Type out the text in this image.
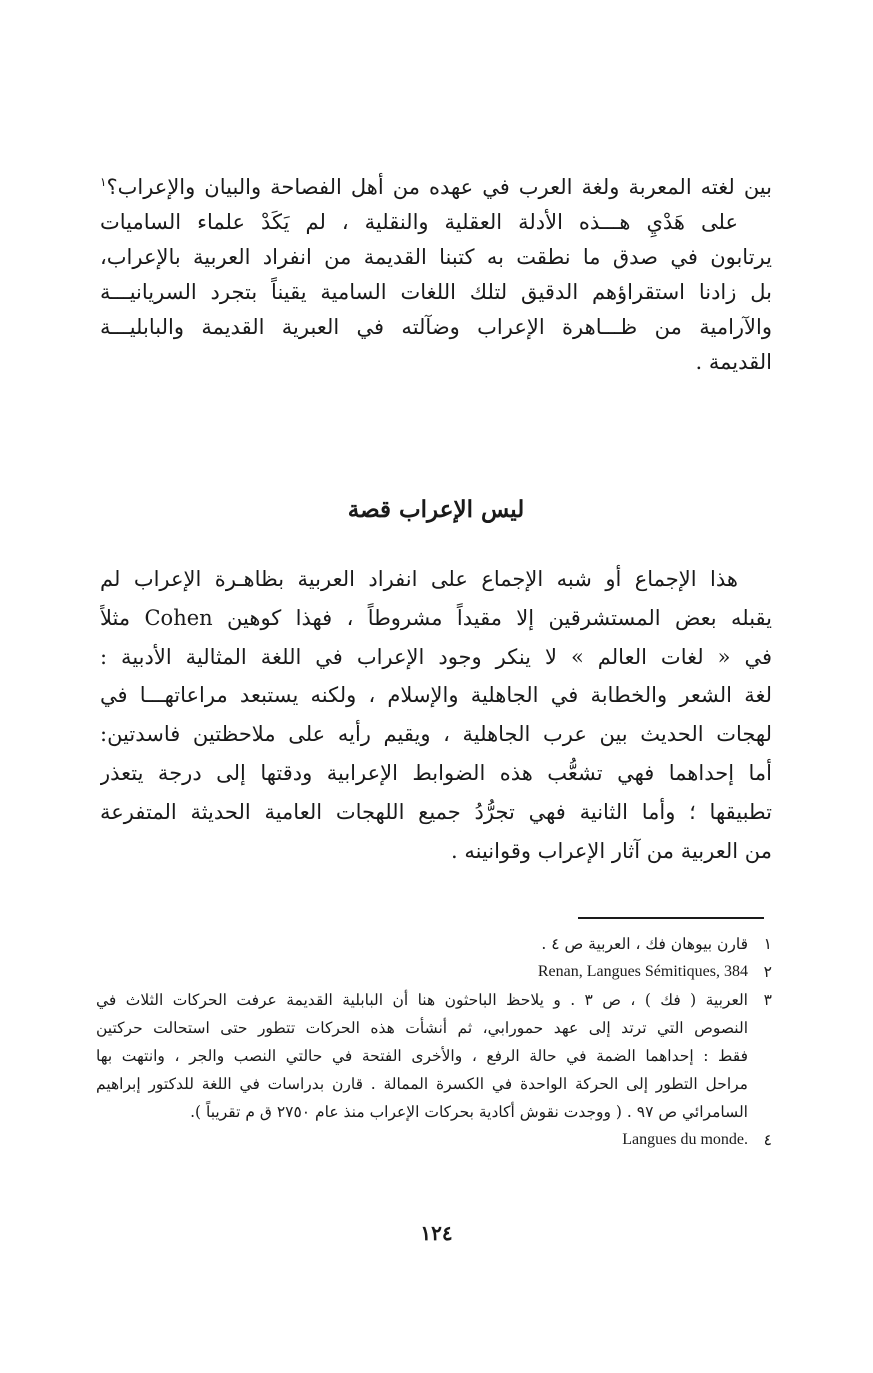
بين لغته المعربة ولغة العرب في عهده من أهل الفصاحة والبيان والإعراب؟$^١$
على هَدْيِ هـــذه الأدلة العقلية والنقلية ، لم يَكَدْ علماء الساميات
يرتابون في صدق ما نطقت به كتبنا القديمة من انفراد العربية بالإعراب،
بل زادنا استقراؤهم الدقيق لتلك اللغات السامية يقيناً بتجرد السريانيـــة
والآرامية من ظـــاهرة الإعراب وضآلته في العبرية القديمة والبابليـــة
القديمة .
ليس الإعراب قصة
هذا الإجماع أو شبه الإجماع على انفراد العربية بظاهـرة الإعراب لم
يقبله بعض المستشرقين إلا مقيداً مشروطاً ، فهذا كوهين Cohen مثلاً
في « لغات العالم » لا ينكر وجود الإعراب في اللغة المثالية الأدبية :
لغة الشعر والخطابة في الجاهلية والإسلام ، ولكنه يستبعد مراعاتهـــا في
لهجات الحديث بين عرب الجاهلية ، ويقيم رأيه على ملاحظتين فاسدتين:
أما إحداهما فهي تشعُّب هذه الضوابط الإعرابية ودقتها إلى درجة يتعذر
تطبيقها ؛ وأما الثانية فهي تجرُّدُ جميع اللهجات العامية الحديثة المتفرعة
من العربية من آثار الإعراب وقوانينه .
١
قارن بيوهان فك ، العربية ص ٤ .
٢
Renan, Langues Sémitiques, 384
٣
العربية ( فك ) ، ص ٣ . و يلاحظ الباحثون هنا أن البابلية القديمة عرفت الحركات الثلاث في
النصوص التي ترتد إلى عهد حمورابي، ثم أنشأت هذه الحركات تتطور حتى استحالت حركتين
فقط : إحداهما الضمة في حالة الرفع ، والأخرى الفتحة في حالتي النصب والجر ، وانتهت بها
مراحل التطور إلى الحركة الواحدة في الكسرة الممالة . قارن بدراسات في اللغة للدكتور إبراهيم
السامرائي ص ٩٧ . ( ووجدت نقوش أكادية بحركات الإعراب منذ عام ٢٧٥٠ ق م تقريباً ).
٤
Langues du monde.
١٢٤
